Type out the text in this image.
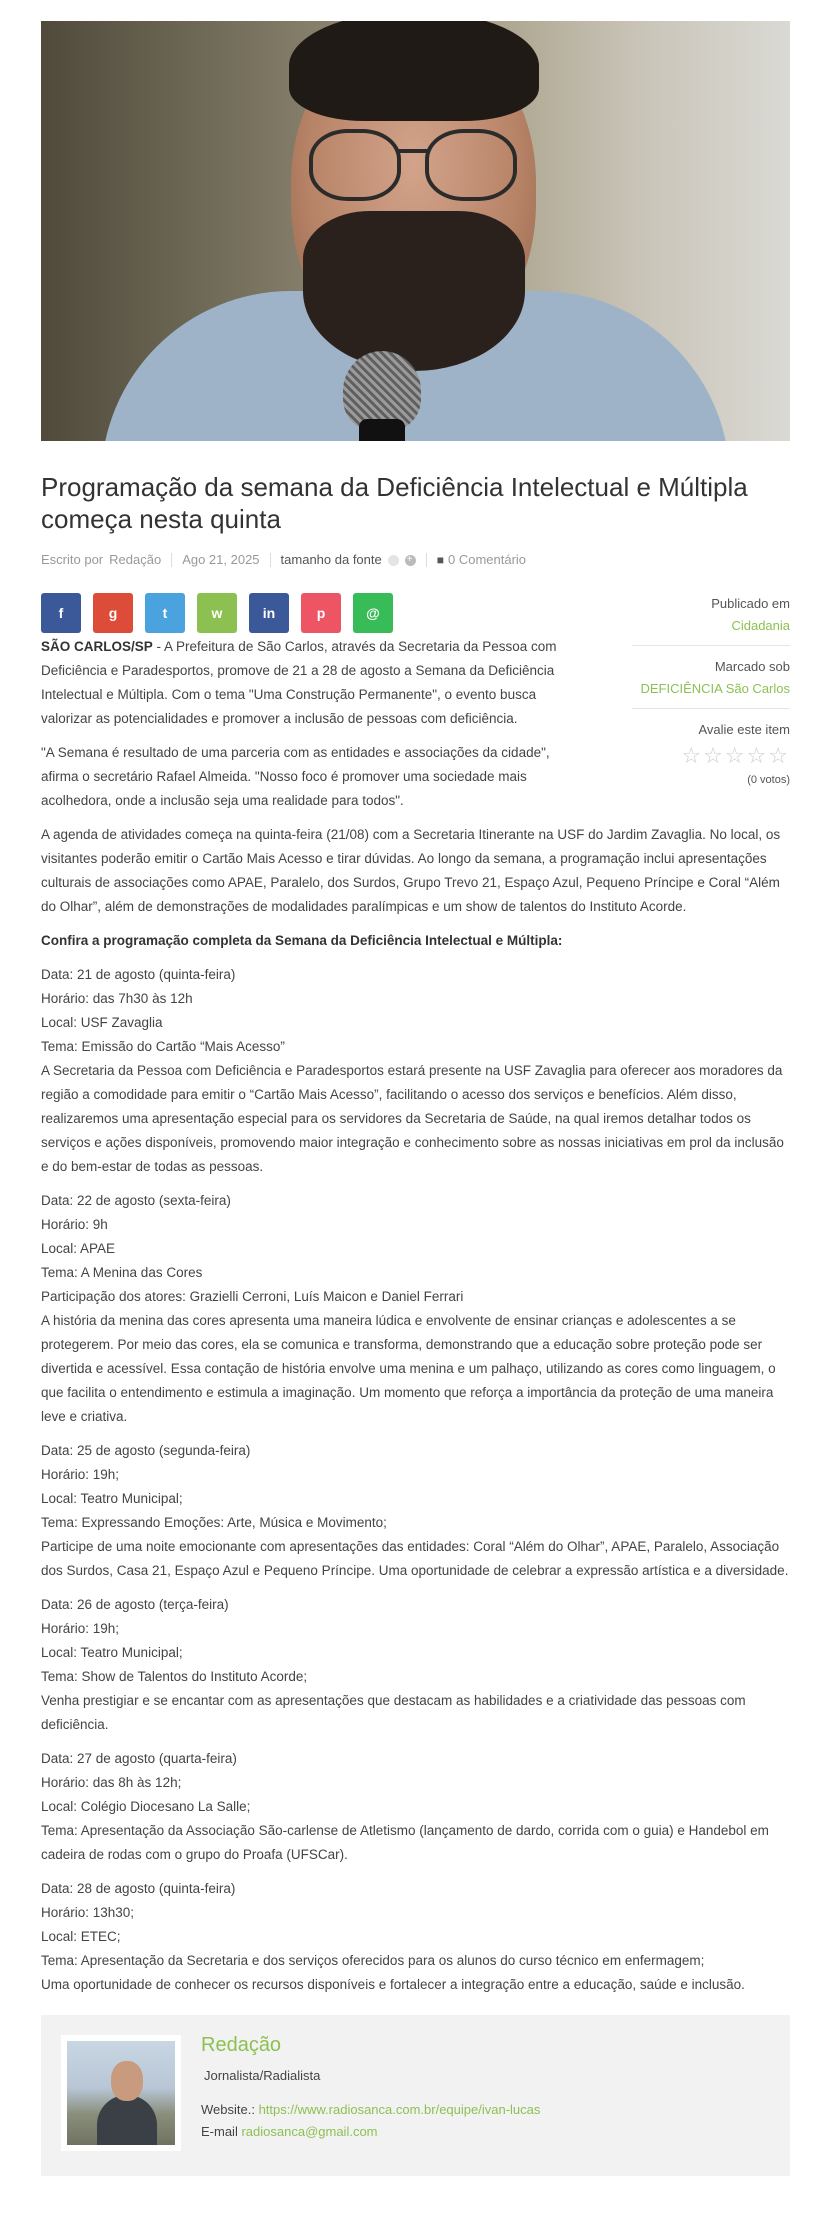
Programação da semana da Deficiência Intelectual e Múltipla começa nesta quinta
Escrito por Redação Ago 21, 2025 tamanho da fonte
+	■ 0 Comentário
f	g	t	w	in	p	@
Publicado em
Cidadania
Marcado sob
DEFICIÊNCIA São Carlos
Avalie este item
☆☆☆☆☆
(0 votos)

SÃO CARLOS/SP - A Prefeitura de São Carlos, através da Secretaria da Pessoa com Deficiência e Paradesportos, promove de 21 a 28 de agosto a Semana da Deficiência Intelectual e Múltipla. Com o tema "Uma Construção Permanente", o evento busca valorizar as potencialidades e promover a inclusão de pessoas com deficiência.

"A Semana é resultado de uma parceria com as entidades e associações da cidade", afirma o secretário Rafael Almeida. "Nosso foco é promover uma sociedade mais acolhedora, onde a inclusão seja uma realidade para todos".

A agenda de atividades começa na quinta-feira (21/08) com a Secretaria Itinerante na USF do Jardim Zavaglia. No local, os visitantes poderão emitir o Cartão Mais Acesso e tirar dúvidas. Ao longo da semana, a programação inclui apresentações culturais de associações como APAE, Paralelo, dos Surdos, Grupo Trevo 21, Espaço Azul, Pequeno Príncipe e Coral “Além do Olhar”, além de demonstrações de modalidades paralímpicas e um show de talentos do Instituto Acorde.

Confira a programação completa da Semana da Deficiência Intelectual e Múltipla:

Data: 21 de agosto (quinta-feira)
Horário: das 7h30 às 12h
Local: USF Zavaglia
Tema: Emissão do Cartão “Mais Acesso”
A Secretaria da Pessoa com Deficiência e Paradesportos estará presente na USF Zavaglia para oferecer aos moradores da região a comodidade para emitir o “Cartão Mais Acesso”, facilitando o acesso dos serviços e benefícios. Além disso, realizaremos uma apresentação especial para os servidores da Secretaria de Saúde, na qual iremos detalhar todos os serviços e ações disponíveis, promovendo maior integração e conhecimento sobre as nossas iniciativas em prol da inclusão e do bem-estar de todas as pessoas.

Data: 22 de agosto (sexta-feira)
Horário: 9h
Local: APAE
Tema: A Menina das Cores
Participação dos atores: Grazielli Cerroni, Luís Maicon e Daniel Ferrari
A história da menina das cores apresenta uma maneira lúdica e envolvente de ensinar crianças e adolescentes a se protegerem. Por meio das cores, ela se comunica e transforma, demonstrando que a educação sobre proteção pode ser divertida e acessível. Essa contação de história envolve uma menina e um palhaço, utilizando as cores como linguagem, o que facilita o entendimento e estimula a imaginação. Um momento que reforça a importância da proteção de uma maneira leve e criativa.

Data: 25 de agosto (segunda-feira)
Horário: 19h;
Local: Teatro Municipal;
Tema: Expressando Emoções: Arte, Música e Movimento;
Participe de uma noite emocionante com apresentações das entidades: Coral “Além do Olhar”, APAE, Paralelo, Associação dos Surdos, Casa 21, Espaço Azul e Pequeno Príncipe. Uma oportunidade de celebrar a expressão artística e a diversidade.

Data: 26 de agosto (terça-feira)
Horário: 19h;
Local: Teatro Municipal;
Tema: Show de Talentos do Instituto Acorde;
Venha prestigiar e se encantar com as apresentações que destacam as habilidades e a criatividade das pessoas com deficiência.

Data: 27 de agosto (quarta-feira)
Horário: das 8h às 12h;
Local: Colégio Diocesano La Salle;
Tema: Apresentação da Associação São-carlense de Atletismo (lançamento de dardo, corrida com o guia) e Handebol em cadeira de rodas com o grupo do Proafa (UFSCar).

Data: 28 de agosto (quinta-feira)
Horário: 13h30;
Local: ETEC;
Tema: Apresentação da Secretaria e dos serviços oferecidos para os alunos do curso técnico em enfermagem;
Uma oportunidade de conhecer os recursos disponíveis e fortalecer a integração entre a educação, saúde e inclusão.

Redação
Jornalista/Radialista
Website.: https://www.radiosanca.com.br/equipe/ivan-lucas
E-mail radiosanca@gmail.com
